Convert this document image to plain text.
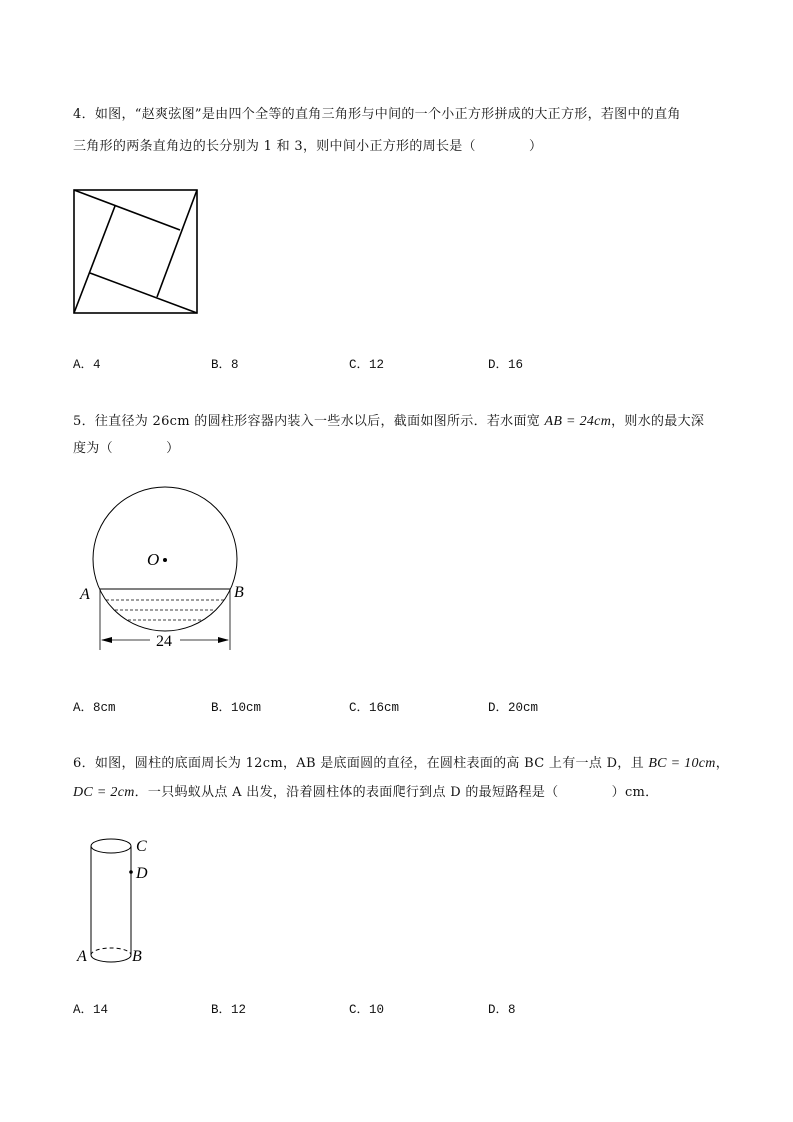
4．如图，“赵爽弦图”是由四个全等的直角三角形与中间的一个小正方形拼成的大正方形，若图中的直角
三角形的两条直角边的长分别为 1 和 3，则中间小正方形的周长是（　　　　）
A．4	B．8	C．12	D．16
5．往直径为 26cm 的圆柱形容器内装入一些水以后，截面如图所示．若水面宽 AB = 24cm，则水的最大深
度为（　　　　）
O
A	B
24
A．8cm	B．10cm	C．16cm	D．20cm
6．如图，圆柱的底面周长为 12cm，AB 是底面圆的直径，在圆柱表面的高 BC 上有一点 D，且 BC = 10cm，
DC = 2cm．一只蚂蚁从点 A 出发，沿着圆柱体的表面爬行到点 D 的最短路程是（　　　　）cm．
C
D
A	B
A．14	B．12	C．10	D．8
